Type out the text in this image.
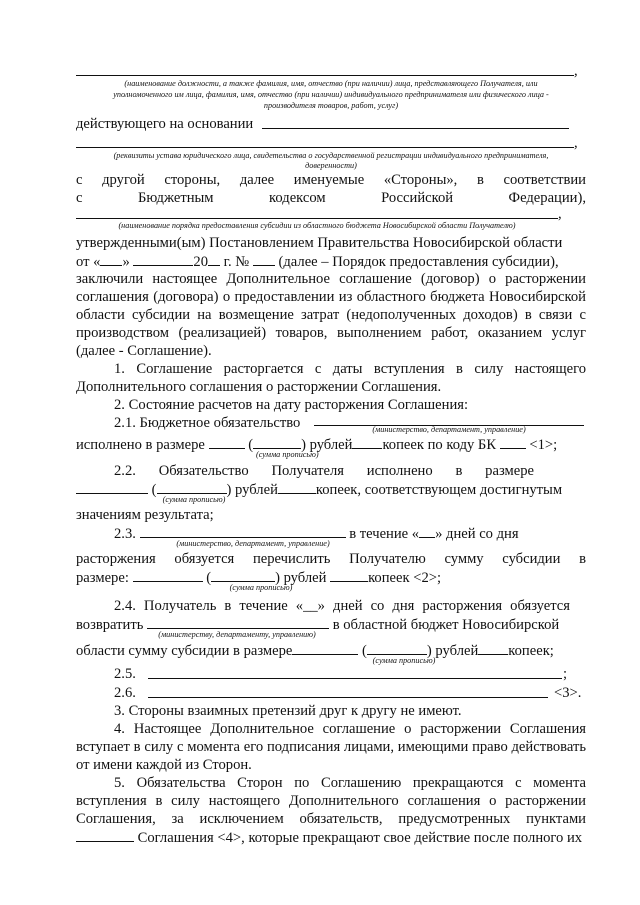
,
(наименование должности, а также фамилия, имя, отчество (при наличии) лица, представляющего Получателя, или
уполномоченного им лица, фамилия, имя, отчество (при наличии) индивидуального предпринимателя или физического лица -
производителя товаров, работ, услуг)
действующего на основании
,
(реквизиты устава юридического лица, свидетельства о государственной регистрации индивидуального предпринимателя,
доверенности)
с другой стороны, далее именуемые «Стороны», в соответствии
с Бюджетным кодексом Российской Федерации),
,
(наименование порядка предоставления субсидии из областного бюджета Новосибирской области Получателю)
утвержденными(ым) Постановлением Правительства Новосибирской области
от « »	20 г. № (далее – Порядок предоставления субсидии),
заключили настоящее Дополнительное соглашение (договор) о расторжении
соглашения (договора) о предоставлении из областного бюджета Новосибирской
области субсидии на возмещение затрат (недополученных доходов) в связи с
производством (реализацией) товаров, выполнением работ, оказанием услуг
(далее - Соглашение).
1. Соглашение расторгается с даты вступления в силу настоящего
Дополнительного соглашения о расторжении Соглашения.
2. Состояние расчетов на дату расторжения Соглашения:
2.1. Бюджетное обязательство	(министерство, департамент, управление)
исполнено в размере	(	) рублей копеек по коду БК <1>;
(сумма прописью)
2.2. Обязательство Получателя исполнено в размере
(	) рублей	копеек, соответствующем достигнутым
(сумма прописью)
значениям результата;
2.3.	в течение « » дней со дня
(министерство, департамент, управление)
расторжения обязуется перечислить Получателю сумму субсидии в
размере:	(	) рублей	копеек <2>;
(сумма прописью)
2.4. Получатель в течение «__» дней со дня расторжения обязуется
возвратить	в областной бюджет Новосибирской
(министерству, департаменту, управлению)
области сумму субсидии в размере	(	) рублей копеек;
(сумма прописью)
2.5.	;
2.6.	<3>.
3. Стороны взаимных претензий друг к другу не имеют.
4. Настоящее Дополнительное соглашение о расторжении Соглашения
вступает в силу с момента его подписания лицами, имеющими право действовать
от имени каждой из Сторон.
5. Обязательства Сторон по Соглашению прекращаются с момента
вступления в силу настоящего Дополнительного соглашения о расторжении
Соглашения, за исключением обязательств, предусмотренных пунктами
Соглашения <4>, которые прекращают свое действие после полного их
